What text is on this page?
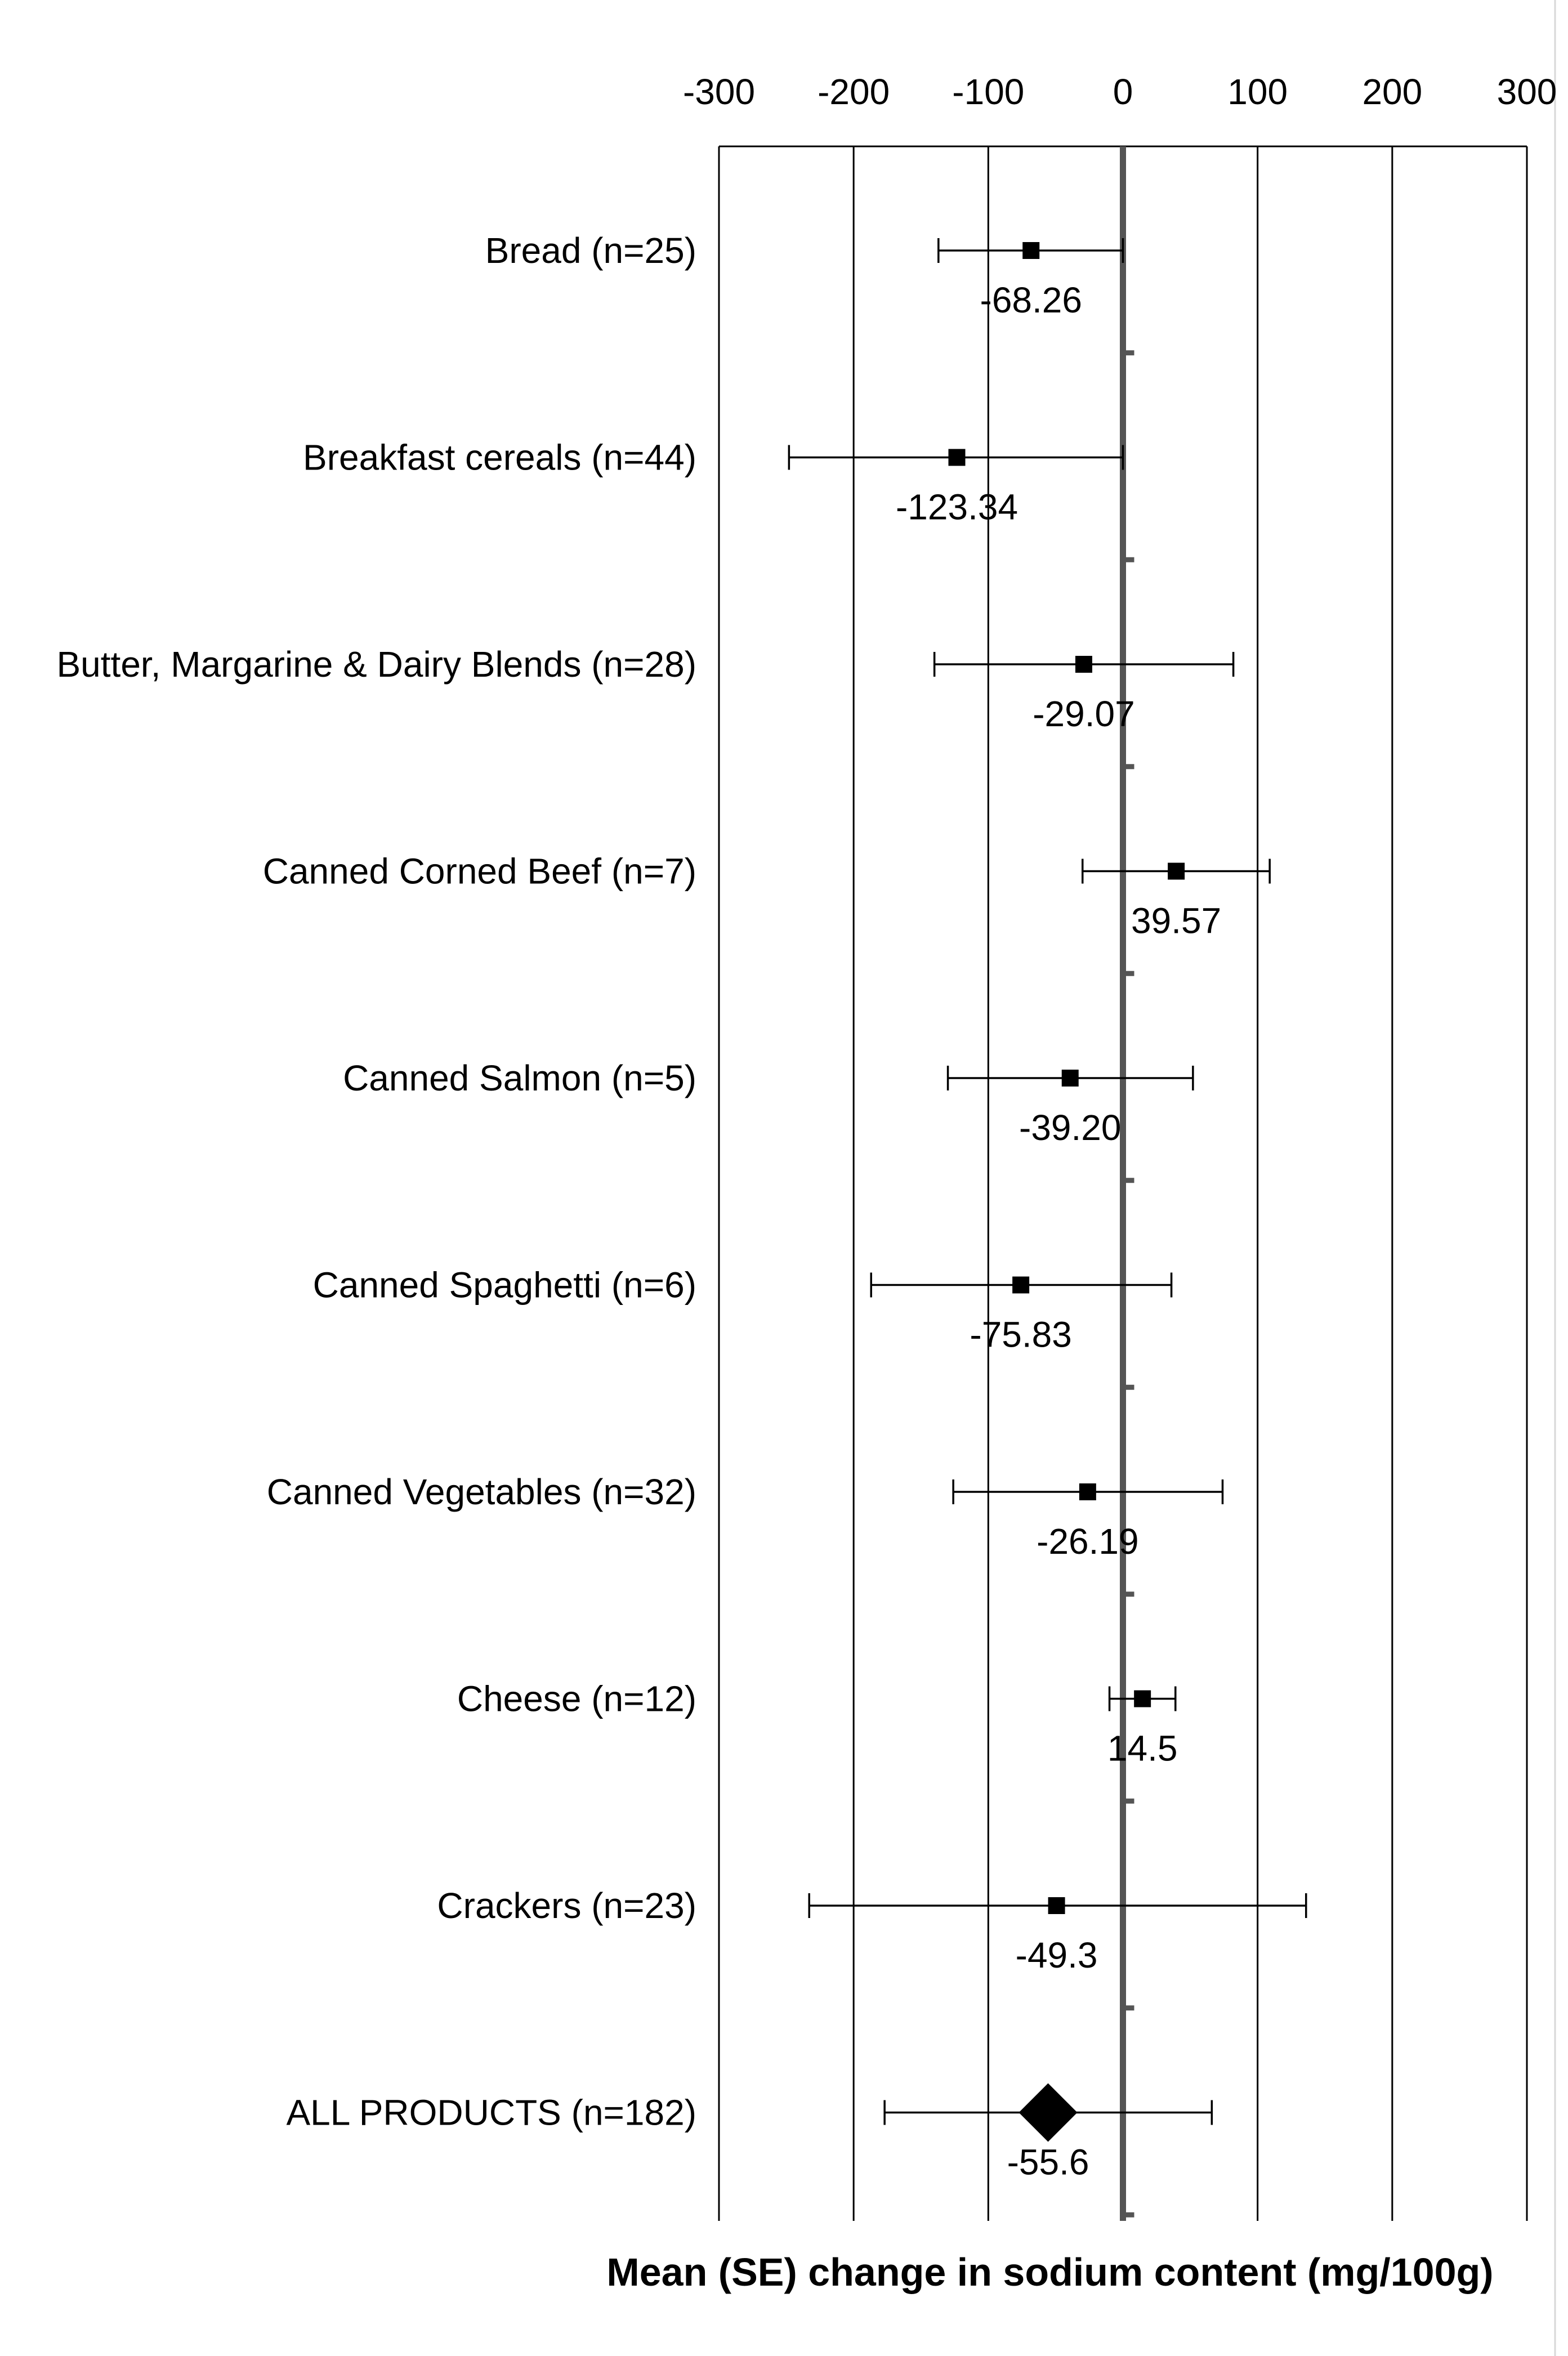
-300 -200 -100 0	100 200 300
Bread (n=25)
-68.26
Breakfast cereals (n=44)
-123.34
Butter, Margarine & Dairy Blends (n=28)
-29.07
Canned Corned Beef (n=7)
39.57
Canned Salmon (n=5)
-39.20
Canned Spaghetti (n=6)
-75.83
Canned Vegetables (n=32)
-26.19
Cheese (n=12)
14.5
Crackers (n=23)
-49.3
ALL PRODUCTS (n=182)
-55.6
Mean (SE) change in sodium content (mg/100g)
